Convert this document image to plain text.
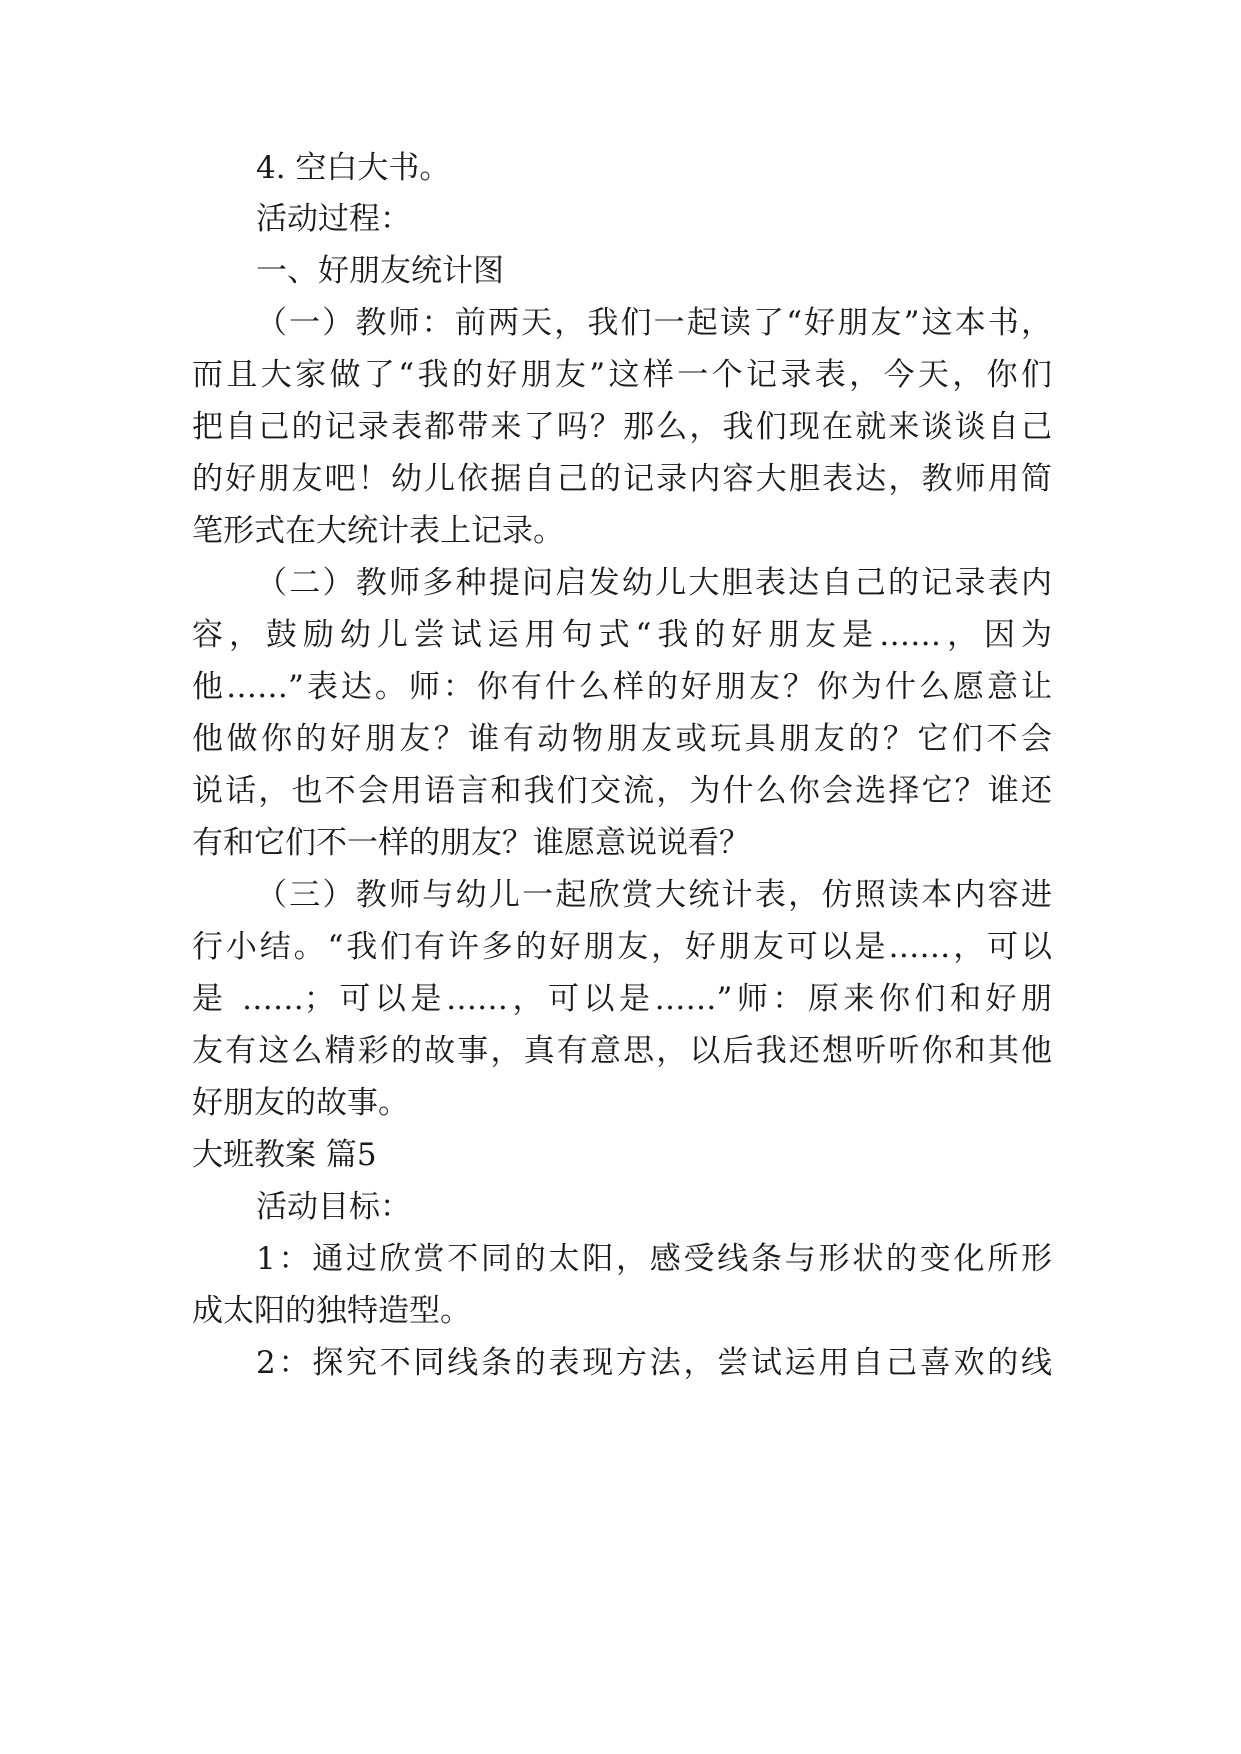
4. 空白大书。
活动过程：
一、好朋友统计图
（一）教师：前两天，我们一起读了“好朋友”这本书，
而且大家做了“我的好朋友”这样一个记录表，今天，你们
把自己的记录表都带来了吗？那么，我们现在就来谈谈自己
的好朋友吧！幼儿依据自己的记录内容大胆表达，教师用简
笔形式在大统计表上记录。
（二）教师多种提问启发幼儿大胆表达自己的记录表内
容，鼓励幼儿尝试运用句式“我的好朋友是……，因为
他……”表达。师：你有什么样的好朋友？你为什么愿意让
他做你的好朋友？谁有动物朋友或玩具朋友的？它们不会
说话，也不会用语言和我们交流，为什么你会选择它？谁还
有和它们不一样的朋友？谁愿意说说看？
（三）教师与幼儿一起欣赏大统计表，仿照读本内容进
行小结。“我们有许多的好朋友，好朋友可以是……，可以
是 ……；可以是……，可以是……”师：原来你们和好朋
友有这么精彩的故事，真有意思，以后我还想听听你和其他
好朋友的故事。
大班教案 篇5
活动目标：
1：通过欣赏不同的太阳，感受线条与形状的变化所形
成太阳的独特造型。
2：探究不同线条的表现方法，尝试运用自己喜欢的线
